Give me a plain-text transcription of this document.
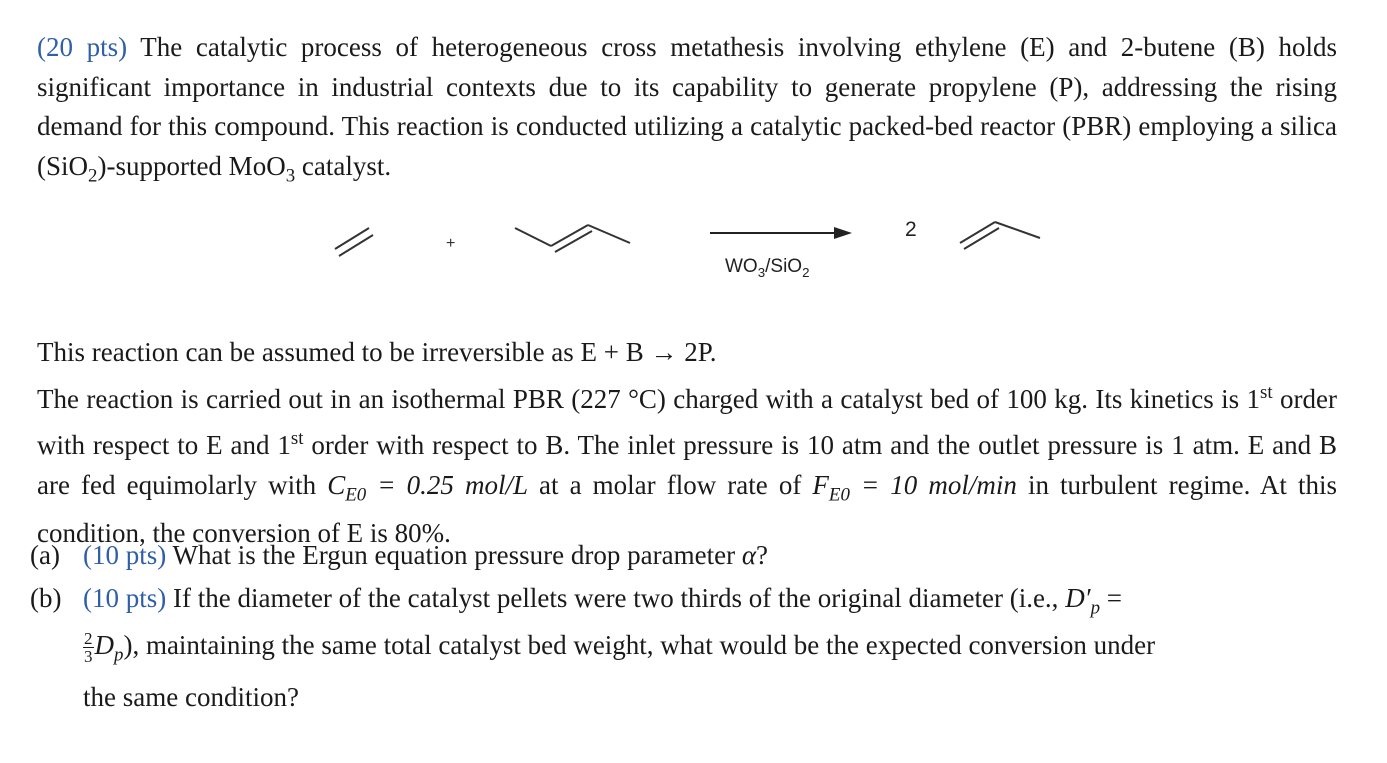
(20 pts) The catalytic process of heterogeneous cross metathesis involving ethylene (E) and 2-butene (B) holds significant importance in industrial contexts due to its capability to generate propylene (P), addressing the rising demand for this compound. This reaction is conducted utilizing a catalytic packed-bed reactor (PBR) employing a silica (SiO$_2$)-supported MoO$_3$ catalyst.
+
2
$WO_3/SiO_2$
This reaction can be assumed to be irreversible as E + B → 2P.
The reaction is carried out in an isothermal PBR (227 °C) charged with a catalyst bed of 100 kg. Its kinetics is 1st order with respect to E and 1st order with respect to B. The inlet pressure is 10 atm and the outlet pressure is 1 atm. E and B are fed equimolarly with $C_{E0} = 0.25$ mol/L at a molar flow rate of $F_{E0} = 10$ mol/min in turbulent regime. At this condition, the conversion of E is 80%.
(a) (10 pts) What is the Ergun equation pressure drop parameter α?
(b) (10 pts) If the diameter of the catalyst pellets were two thirds of the original diameter (i.e., $D'_p$ =
$\frac{2}{3} D_p$), maintaining the same total catalyst bed weight, what would be the expected conversion under
the same condition?
